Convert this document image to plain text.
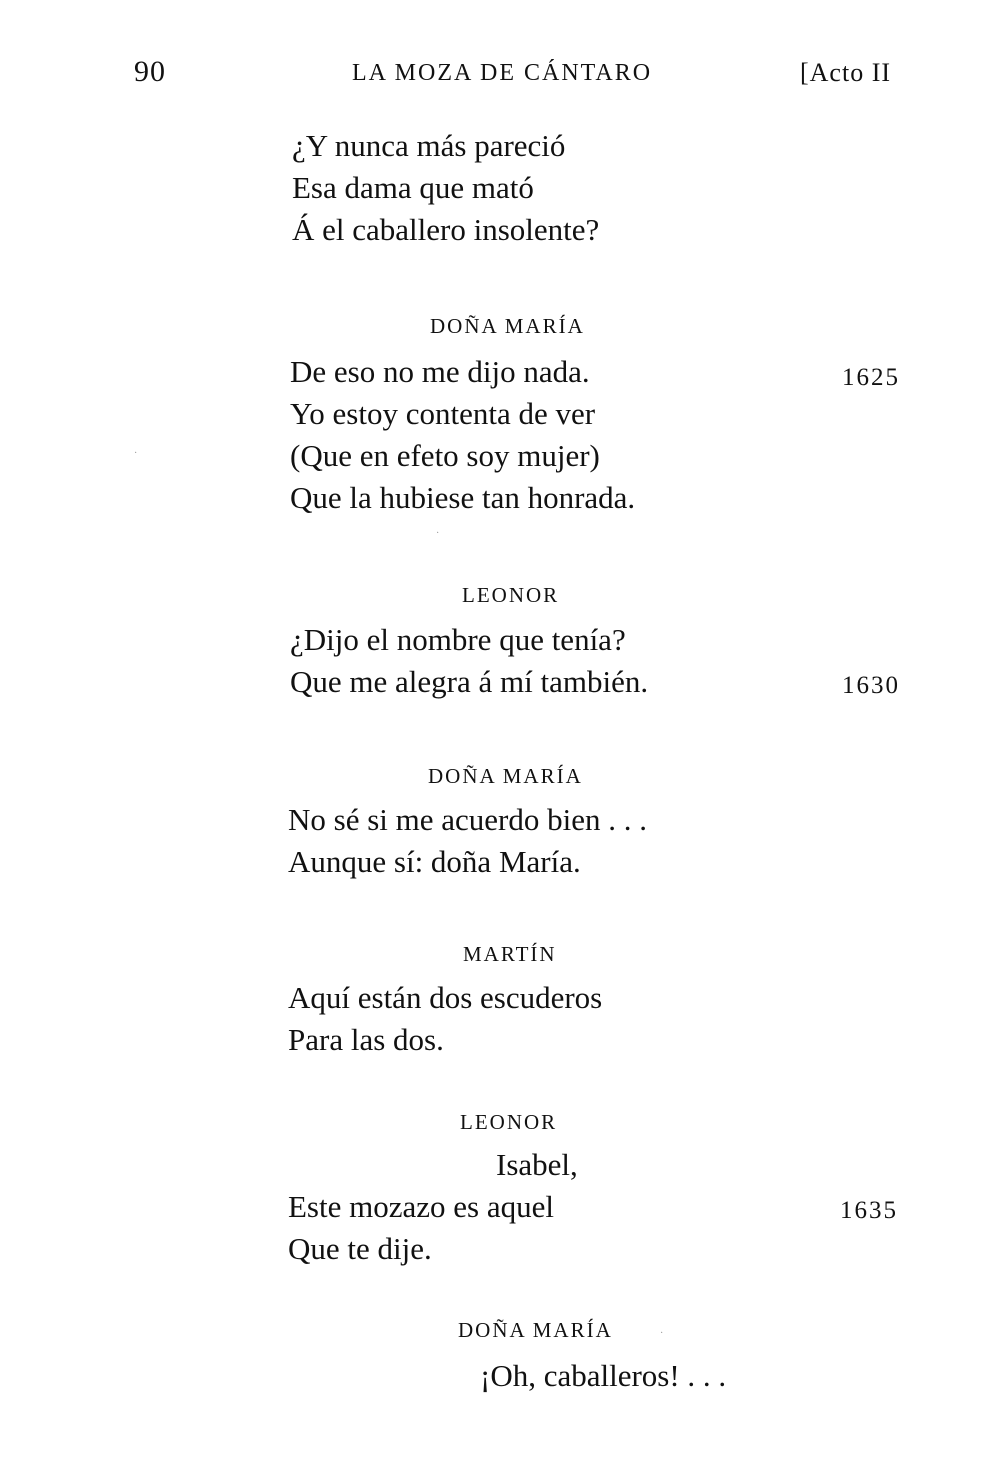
90	LA MOZA DE CÁNTARO	[Acto II
¿Y nunca más pareció
Esa dama que mató
Á el caballero insolente?
DOÑA MARÍA
De eso no me dijo nada.	1625
Yo estoy contenta de ver
(Que en efeto soy mujer)
Que la hubiese tan honrada.
LEONOR
¿Dijo el nombre que tenía?
Que me alegra á mí también.	1630
DOÑA MARÍA
No sé si me acuerdo bien . . .
Aunque sí: doña María.
MARTÍN
Aquí están dos escuderos
Para las dos.
LEONOR
Isabel,
Este mozazo es aquel	1635
Que te dije.
DOÑA MARÍA
¡Oh, caballeros! . . .
·
·
·
